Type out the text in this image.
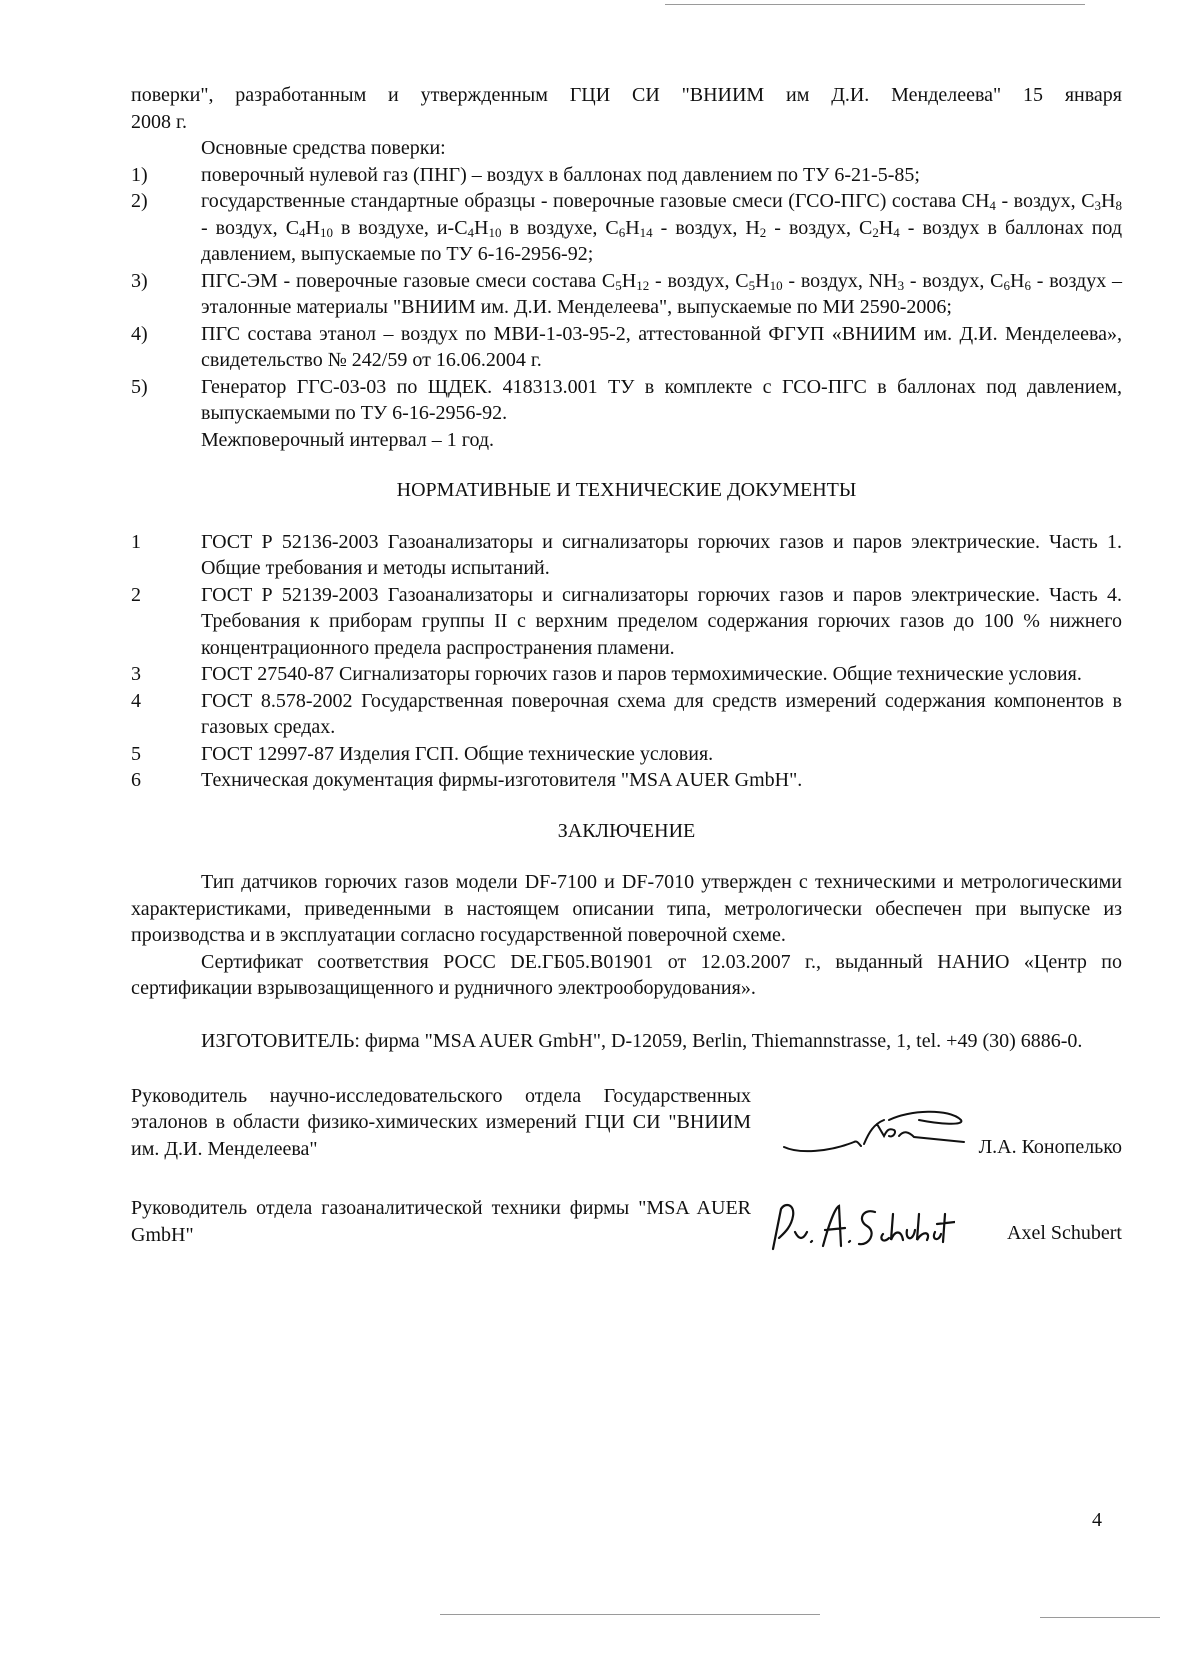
поверки", разработанным и утвержденным ГЦИ СИ "ВНИИМ им Д.И. Менделеева" 15 января
2008 г.
Основные средства поверки:
1)	поверочный нулевой газ (ПНГ) – воздух в баллонах под давлением по ТУ 6-21-5-85;
2)	государственные стандартные образцы - поверочные газовые смеси (ГСО-ПГС) состава $CH_4$ - воздух, $C_3H_8$ - воздух, $C_4H_{10}$ в воздухе, $и-C_4H_{10}$ в воздухе, $C_6H_{14}$ - воздух, $H_2$ - воздух, $C_2H_4$ - воздух в баллонах под давлением, выпускаемые по ТУ 6-16-2956-92;
3)	ПГС-ЭМ - поверочные газовые смеси состава $C_5H_{12}$ - воздух, $C_5H_{10}$ - воздух, $NH_3$ - воздух, $C_6H_6$ - воздух – эталонные материалы "ВНИИМ им. Д.И. Менделеева", выпускаемые по МИ 2590-2006;
4)	ПГС состава этанол – воздух по МВИ-1-03-95-2, аттестованной ФГУП «ВНИИМ им. Д.И. Менделеева», свидетельство № 242/59 от 16.06.2004 г.
5)	Генератор ГГС-03-03 по ЩДЕК. 418313.001 ТУ в комплекте с ГСО-ПГС в баллонах под давлением, выпускаемыми по ТУ 6-16-2956-92.
Межповерочный интервал – 1 год.
НОРМАТИВНЫЕ И ТЕХНИЧЕСКИЕ ДОКУМЕНТЫ
1	ГОСТ Р 52136-2003 Газоанализаторы и сигнализаторы горючих газов и паров электрические. Часть 1. Общие требования и методы испытаний.
2	ГОСТ Р 52139-2003 Газоанализаторы и сигнализаторы горючих газов и паров электрические. Часть 4. Требования к приборам группы II с верхним пределом содержания горючих газов до 100 % нижнего концентрационного предела распространения пламени.
3	ГОСТ 27540-87 Сигнализаторы горючих газов и паров термохимические. Общие технические условия.
4	ГОСТ 8.578-2002 Государственная поверочная схема для средств измерений содержания компонентов в газовых средах.
5	ГОСТ 12997-87 Изделия ГСП. Общие технические условия.
6	Техническая документация фирмы-изготовителя "MSA AUER GmbH".
ЗАКЛЮЧЕНИЕ
Тип датчиков горючих газов модели DF-7100 и DF-7010 утвержден с техническими и метрологическими характеристиками, приведенными в настоящем описании типа, метрологически обеспечен при выпуске из производства и в эксплуатации согласно государственной поверочной схеме.
Сертификат соответствия РОСС DE.ГБ05.В01901 от 12.03.2007 г., выданный НАНИО «Центр по сертификации взрывозащищенного и рудничного электрооборудования».
ИЗГОТОВИТЕЛЬ: фирма "MSA AUER GmbH", D-12059, Berlin, Thiemannstrasse, 1, tel. +49 (30) 6886-0.
Руководитель научно-исследовательского отдела Государственных эталонов в области физико-химических измерений ГЦИ СИ "ВНИИМ им. Д.И. Менделеева"	Л.А. Конопелько
Руководитель отдела газоаналитической техники фирмы "MSA AUER GmbH"	Axel Schubert
4
